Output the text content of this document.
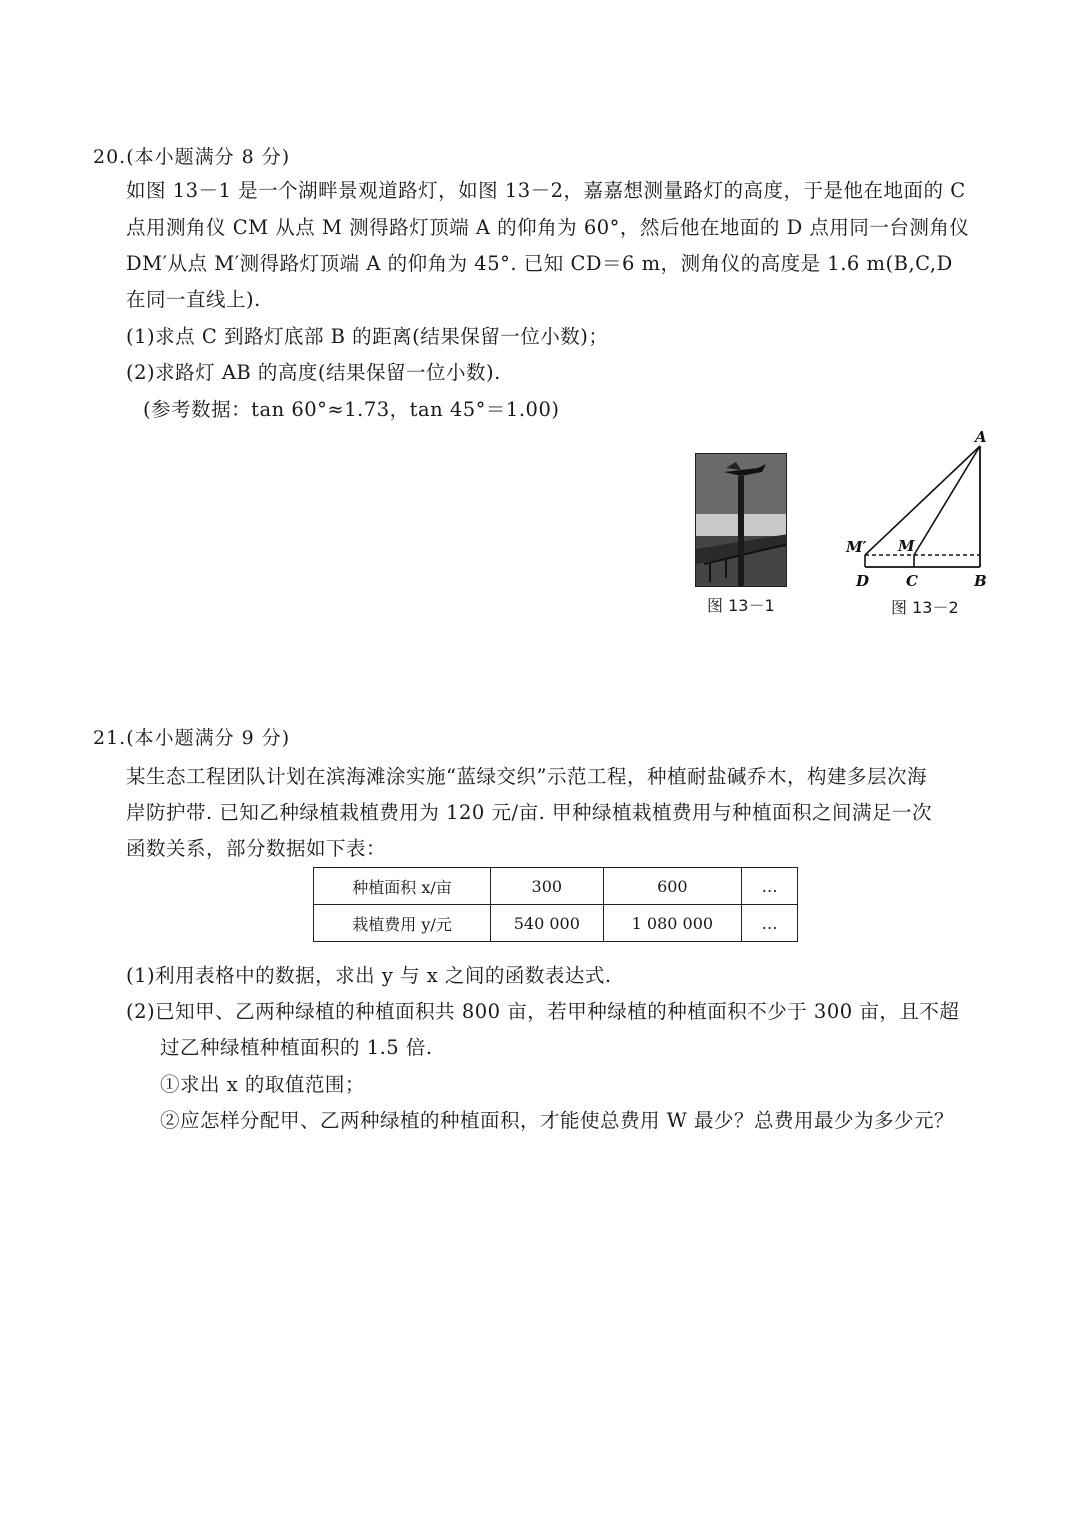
20.(本小题满分 8 分)
如图 13－1 是一个湖畔景观道路灯，如图 13－2，嘉嘉想测量路灯的高度，于是他在地面的 C
点用测角仪 CM 从点 M 测得路灯顶端 A 的仰角为 60°，然后他在地面的 D 点用同一台测角仪
DM′从点 M′测得路灯顶端 A 的仰角为 45°. 已知 CD＝6 m，测角仪的高度是 1.6 m(B,C,D
在同一直线上).
(1)求点 C 到路灯底部 B 的距离(结果保留一位小数)；
(2)求路灯 AB 的高度(结果保留一位小数).
(参考数据：tan 60°≈1.73，tan 45°＝1.00)
图 13－1
A
M′ M
D C	B
图 13－2
21.(本小题满分 9 分)
某生态工程团队计划在滨海滩涂实施“蓝绿交织”示范工程，种植耐盐碱乔木，构建多层次海
岸防护带. 已知乙种绿植栽植费用为 120 元/亩. 甲种绿植栽植费用与种植面积之间满足一次
函数关系，部分数据如下表：
种植面积 x/亩	300	600	…
栽植费用 y/元	540 000	1 080 000	…
(1)利用表格中的数据，求出 y 与 x 之间的函数表达式.
(2)已知甲、乙两种绿植的种植面积共 800 亩，若甲种绿植的种植面积不少于 300 亩，且不超
过乙种绿植种植面积的 1.5 倍.
①求出 x 的取值范围；
②应怎样分配甲、乙两种绿植的种植面积，才能使总费用 W 最少？总费用最少为多少元？
